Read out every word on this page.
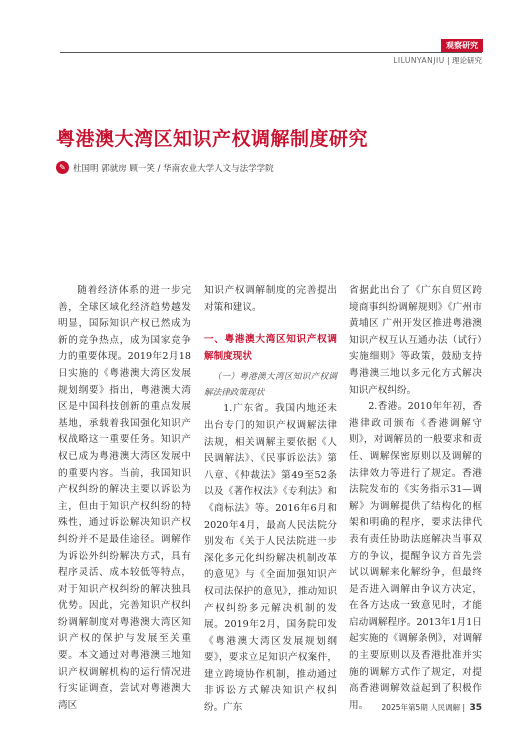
观察研究
LILUNYANJIU | 理论研究
粤港澳大湾区知识产权调解制度研究
✎ 杜国明 郭就房 顾一笑 / 华南农业大学人文与法学学院

随着经济体系的进一步完善，全球区域化经济趋势越发明显，国际知识产权已然成为新的竞争热点，成为国家竞争力的重要体现。2019年2月18日实施的《粤港澳大湾区发展规划纲要》指出，粤港澳大湾区是中国科技创新的重点发展基地，承载着我国强化知识产权战略这一重要任务。知识产权已成为粤港澳大湾区发展中的重要内容。当前，我国知识产权纠纷的解决主要以诉讼为主，但由于知识产权纠纷的特殊性，通过诉讼解决知识产权纠纷并不是最佳途径。调解作为诉讼外纠纷解决方式，具有程序灵活、成本较低等特点，对于知识产权纠纷的解决独具优势。因此，完善知识产权纠纷调解制度对粤港澳大湾区知识产权的保护与发展至关重要。本文通过对粤港澳三地知识产权调解机构的运行情况进行实证调查，尝试对粤港澳大湾区

知识产权调解制度的完善提出对策和建议。

一、粤港澳大湾区知识产权调解制度现状

（一）粤港澳大湾区知识产权调解法律政策现状

1.广东省。我国内地还未出台专门的知识产权调解法律法规，相关调解主要依据《人民调解法》、《民事诉讼法》第八章、《仲裁法》第49至52条以及《著作权法》《专利法》和《商标法》等。2016年6月和2020年4月，最高人民法院分别发布《关于人民法院进一步深化多元化纠纷解决机制改革的意见》与《全面加强知识产权司法保护的意见》，推动知识产权纠纷多元解决机制的发展。2019年2月，国务院印发《粤港澳大湾区发展规划纲要》，要求立足知识产权案件，建立跨境协作机制，推动通过非诉讼方式解决知识产权纠纷。广东

省据此出台了《广东自贸区跨境商事纠纷调解规则》《广州市黄埔区 广州开发区推进粤港澳知识产权互认互通办法（试行）实施细则》等政策，鼓励支持粤港澳三地以多元化方式解决知识产权纠纷。

2.香港。2010年年初，香港律政司颁布《香港调解守则》，对调解员的一般要求和责任、调解保密原则以及调解的法律效力等进行了规定。香港法院发布的《实务指示31—调解》为调解提供了结构化的框架和明确的程序，要求法律代表有责任协助法庭解决当事双方的争议，提醒争议方首先尝试以调解来化解纷争，但最终是否进入调解由争议方决定，在各方达成一致意见时，才能启动调解程序。2013年1月1日起实施的《调解条例》，对调解的主要原则以及香港批准并实施的调解方式作了规定，对提高香港调解效益起到了积极作用。	2025年第5期 人民调解 | 35
